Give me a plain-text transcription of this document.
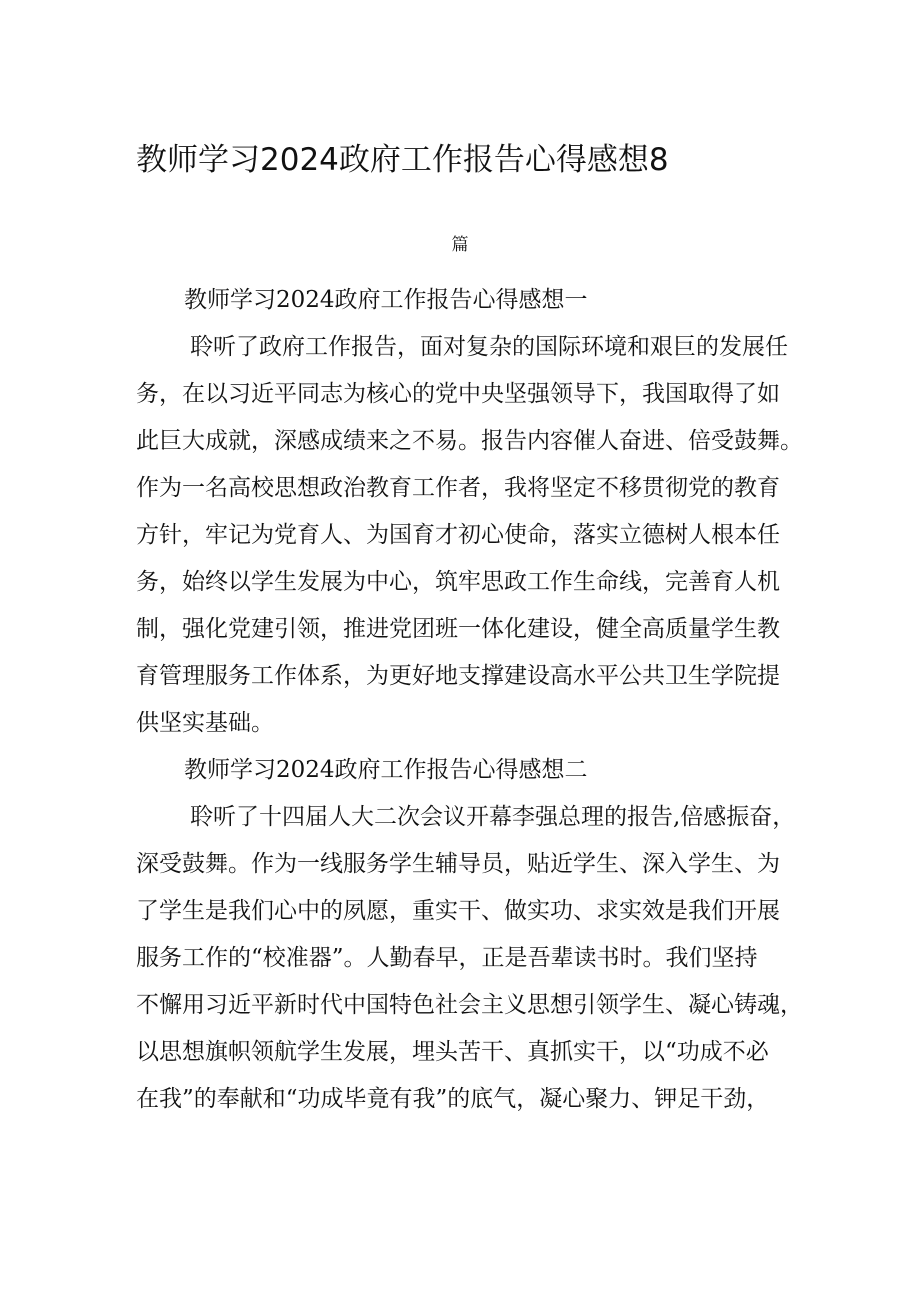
教师学习2024政府工作报告心得感想8
篇
教师学习2024政府工作报告心得感想一
聆听了政府工作报告，面对复杂的国际环境和艰巨的发展任
务，在以习近平同志为核心的党中央坚强领导下，我国取得了如
此巨大成就，深感成绩来之不易。报告内容催人奋进、倍受鼓舞。
作为一名高校思想政治教育工作者，我将坚定不移贯彻党的教育
方针，牢记为党育人、为国育才初心使命，落实立德树人根本任
务，始终以学生发展为中心，筑牢思政工作生命线，完善育人机
制，强化党建引领，推进党团班一体化建设，健全高质量学生教
育管理服务工作体系，为更好地支撑建设高水平公共卫生学院提
供坚实基础。
教师学习2024政府工作报告心得感想二
聆听了十四届人大二次会议开幕李强总理的报告,倍感振奋，
深受鼓舞。作为一线服务学生辅导员，贴近学生、深入学生、为
了学生是我们心中的夙愿，重实干、做实功、求实效是我们开展
服务工作的“校准器”。人勤春早，正是吾辈读书时。我们坚持
不懈用习近平新时代中国特色社会主义思想引领学生、凝心铸魂，
以思想旗帜领航学生发展，埋头苦干、真抓实干，以“功成不必
在我”的奉献和“功成毕竟有我”的底气，凝心聚力、钾足干劲，
